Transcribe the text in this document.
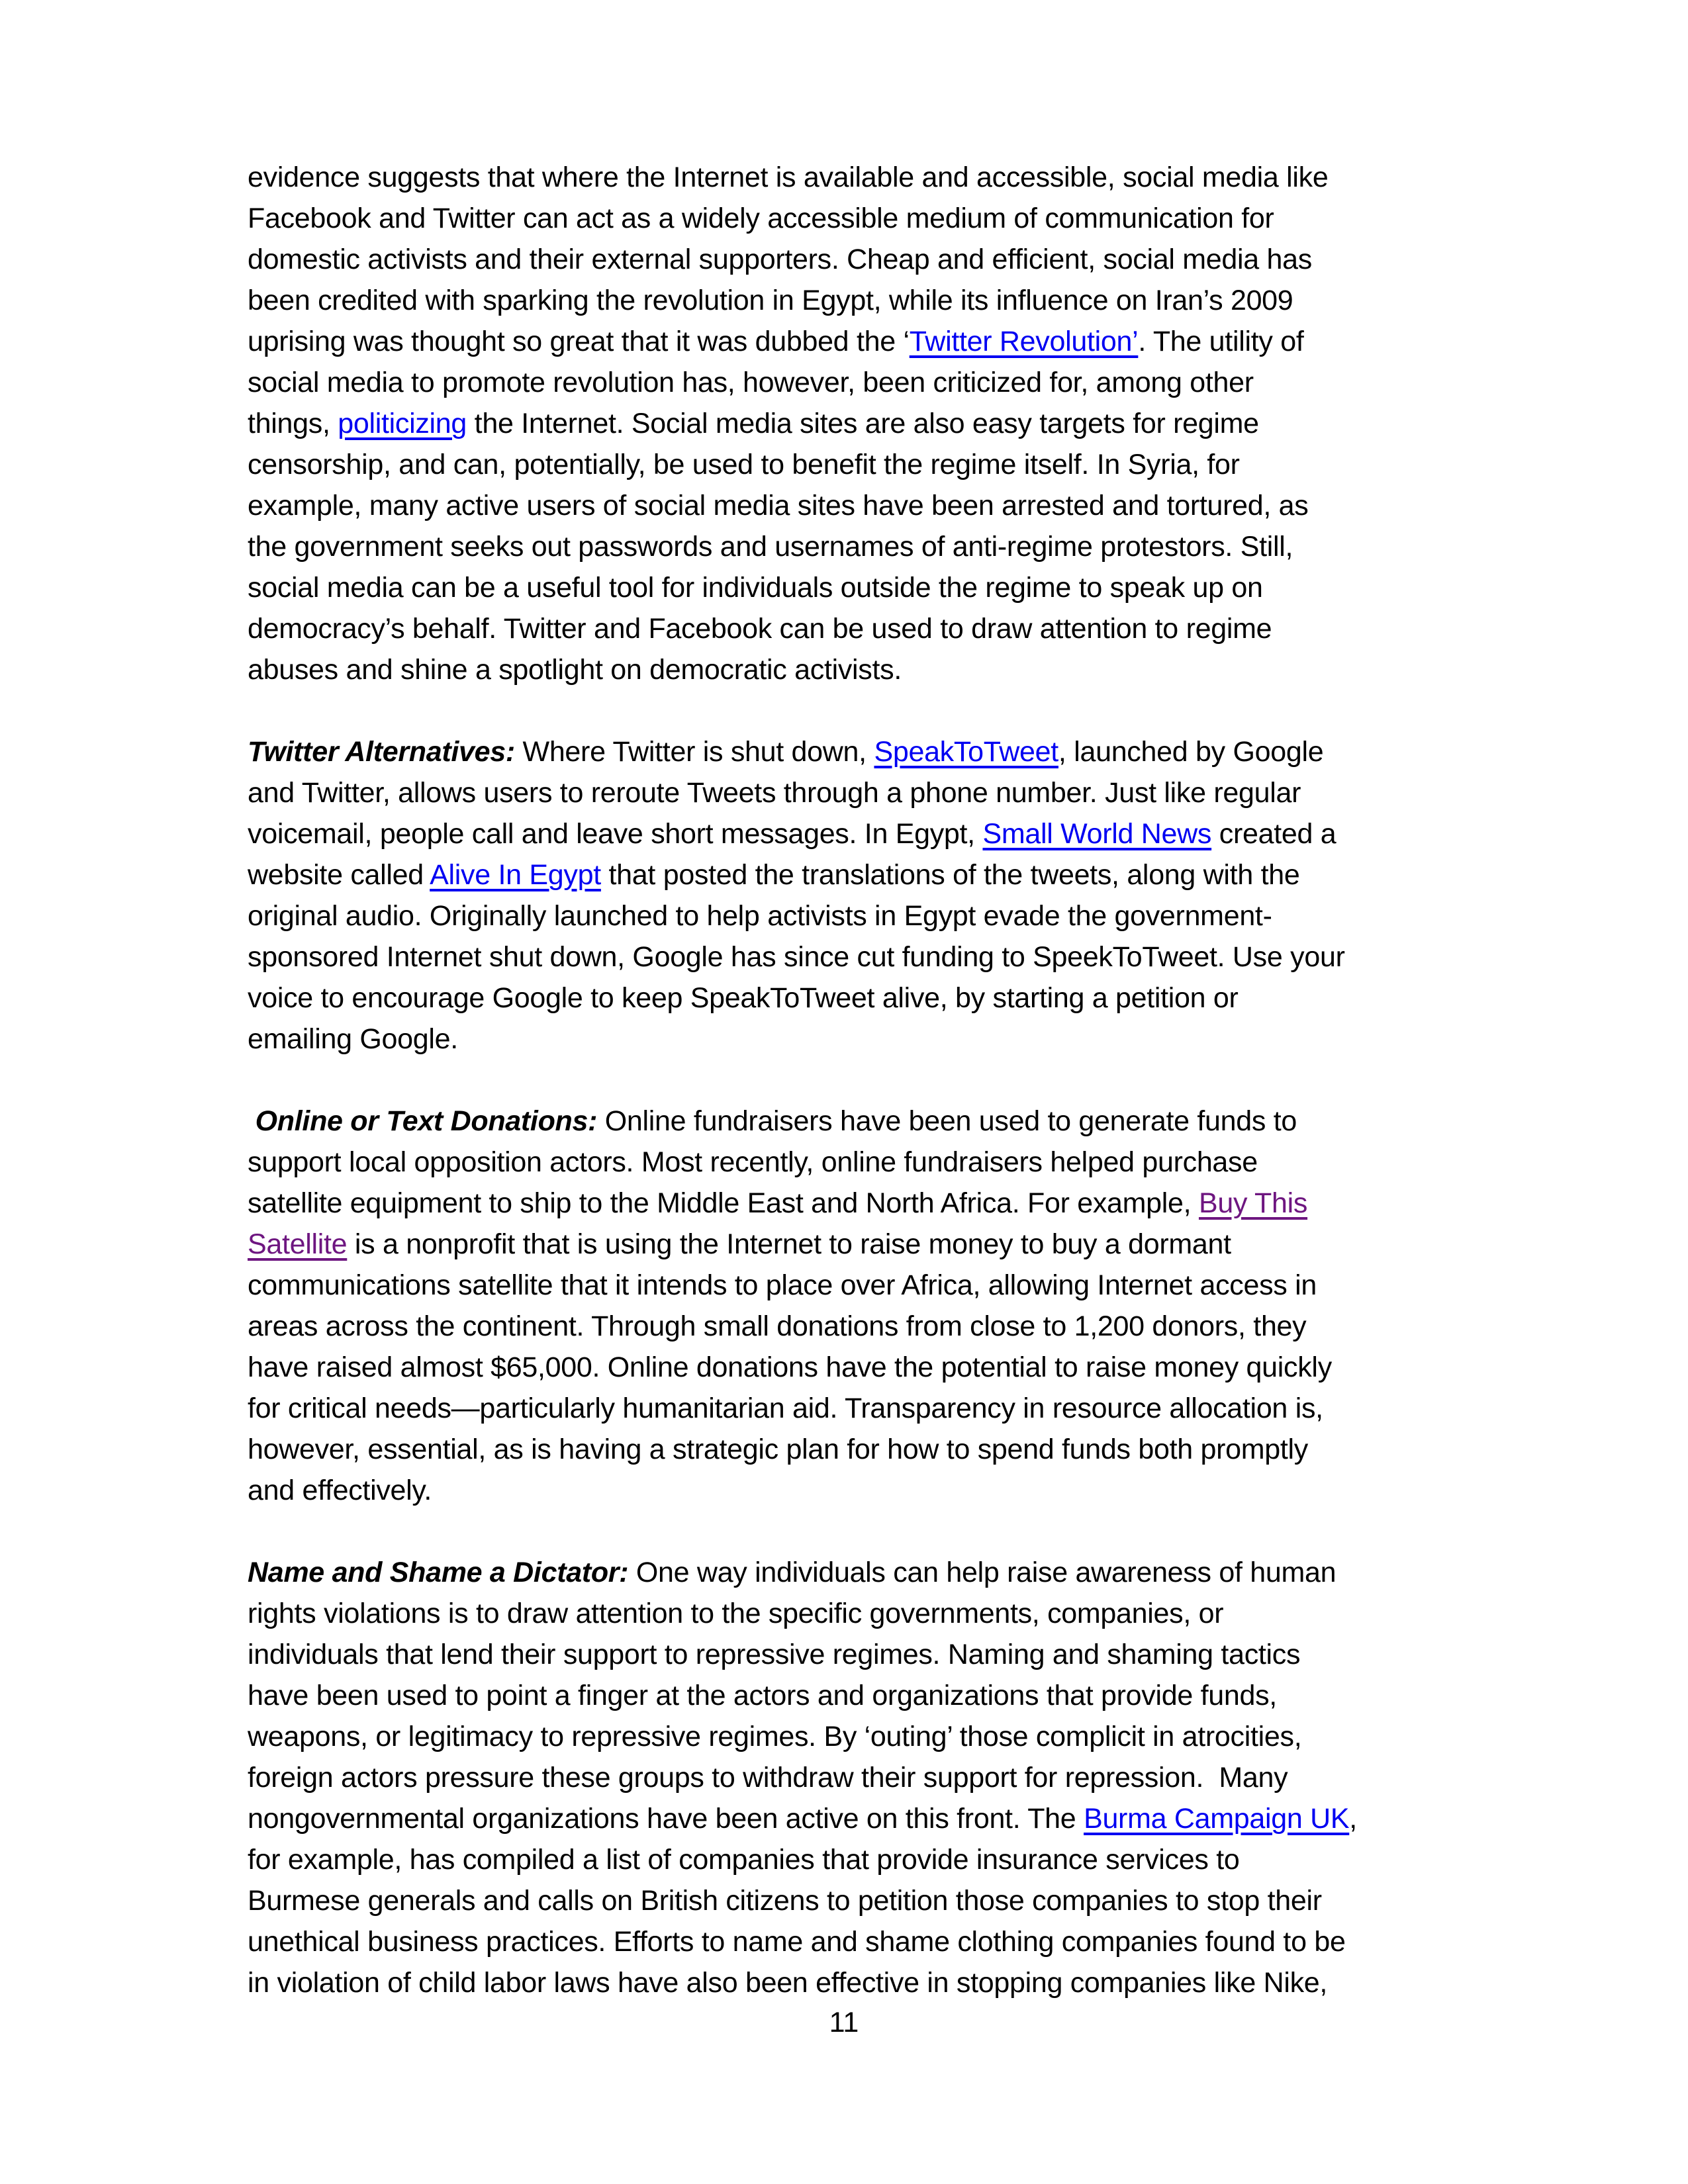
evidence suggests that where the Internet is available and accessible, social media like
Facebook and Twitter can act as a widely accessible medium of communication for
domestic activists and their external supporters. Cheap and efficient, social media has
been credited with sparking the revolution in Egypt, while its influence on Iran’s 2009
uprising was thought so great that it was dubbed the ‘Twitter Revolution’. The utility of
social media to promote revolution has, however, been criticized for, among other
things, politicizing the Internet. Social media sites are also easy targets for regime
censorship, and can, potentially, be used to benefit the regime itself. In Syria, for
example, many active users of social media sites have been arrested and tortured, as
the government seeks out passwords and usernames of anti-regime protestors. Still,
social media can be a useful tool for individuals outside the regime to speak up on
democracy’s behalf. Twitter and Facebook can be used to draw attention to regime
abuses and shine a spotlight on democratic activists.
Twitter Alternatives: Where Twitter is shut down, SpeakToTweet, launched by Google
and Twitter, allows users to reroute Tweets through a phone number. Just like regular
voicemail, people call and leave short messages. In Egypt, Small World News created a
website called Alive In Egypt that posted the translations of the tweets, along with the
original audio. Originally launched to help activists in Egypt evade the government-
sponsored Internet shut down, Google has since cut funding to SpeekToTweet. Use your
voice to encourage Google to keep SpeakToTweet alive, by starting a petition or
emailing Google.
Online or Text Donations: Online fundraisers have been used to generate funds to
support local opposition actors. Most recently, online fundraisers helped purchase
satellite equipment to ship to the Middle East and North Africa. For example, Buy This
Satellite is a nonprofit that is using the Internet to raise money to buy a dormant
communications satellite that it intends to place over Africa, allowing Internet access in
areas across the continent. Through small donations from close to 1,200 donors, they
have raised almost $65,000. Online donations have the potential to raise money quickly
for critical needs—particularly humanitarian aid. Transparency in resource allocation is,
however, essential, as is having a strategic plan for how to spend funds both promptly
and effectively.
Name and Shame a Dictator: One way individuals can help raise awareness of human
rights violations is to draw attention to the specific governments, companies, or
individuals that lend their support to repressive regimes. Naming and shaming tactics
have been used to point a finger at the actors and organizations that provide funds,
weapons, or legitimacy to repressive regimes. By ‘outing’ those complicit in atrocities,
foreign actors pressure these groups to withdraw their support for repression.  Many
nongovernmental organizations have been active on this front. The Burma Campaign UK,
for example, has compiled a list of companies that provide insurance services to
Burmese generals and calls on British citizens to petition those companies to stop their
unethical business practices. Efforts to name and shame clothing companies found to be
in violation of child labor laws have also been effective in stopping companies like Nike,
11
